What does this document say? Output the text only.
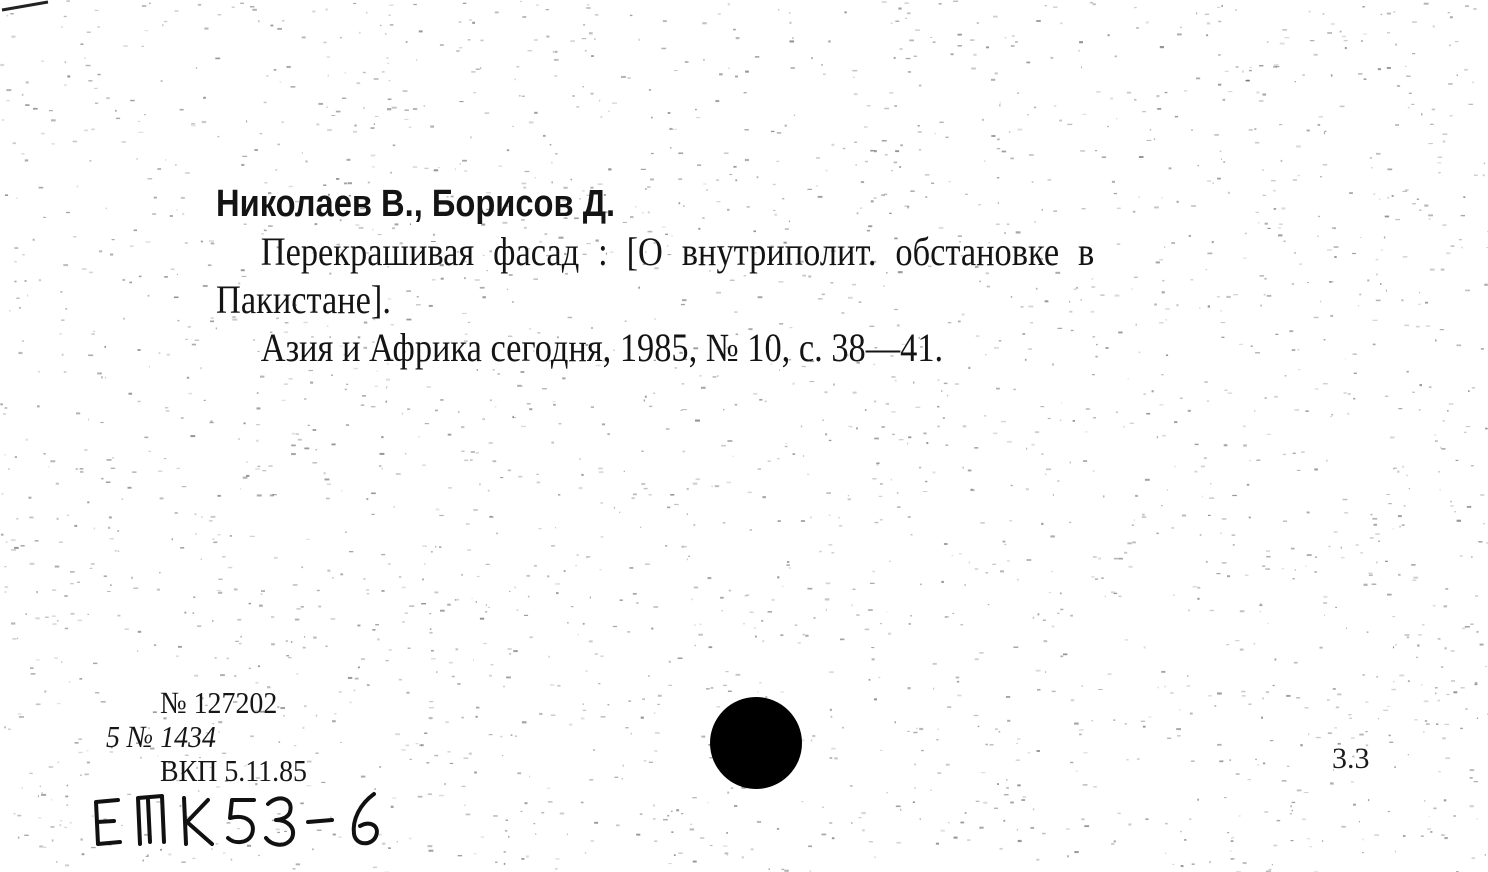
Николаев В., Борисов Д.
Перекрашивая фасад : [О внутриполит. обстановке в
Пакистане].
Азия и Африка сегодня, 1985, № 10, с. 38—41.
№ 127202
5 № 1434
ВКП 5.11.85	3.3
